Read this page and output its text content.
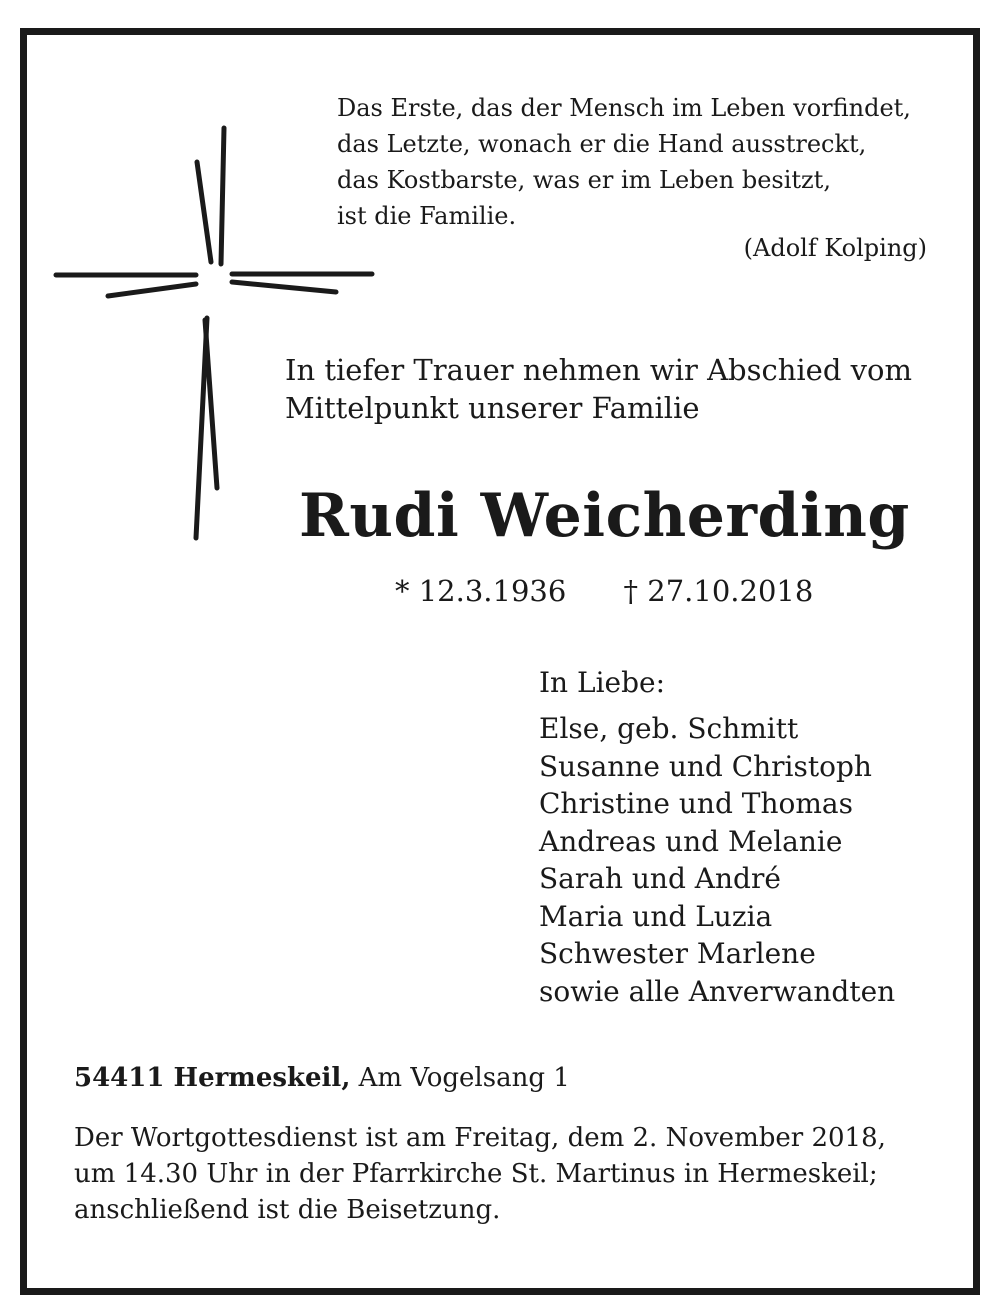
Das Erste, das der Mensch im Leben vorfindet,
das Letzte, wonach er die Hand ausstreckt,
das Kostbarste, was er im Leben besitzt,
ist die Familie.
(Adolf Kolping)
In tiefer Trauer nehmen wir Abschied vom
Mittelpunkt unserer Familie
Rudi Weicherding
* 12.3.1936 † 27.10.2018
In Liebe:
Else, geb. Schmitt
Susanne und Christoph
Christine und Thomas
Andreas und Melanie
Sarah und André
Maria und Luzia
Schwester Marlene
sowie alle Anverwandten
54411 Hermeskeil, Am Vogelsang 1
Der Wortgottesdienst ist am Freitag, dem 2. November 2018,
um 14.30 Uhr in der Pfarrkirche St. Martinus in Hermeskeil;
anschließend ist die Beisetzung.
